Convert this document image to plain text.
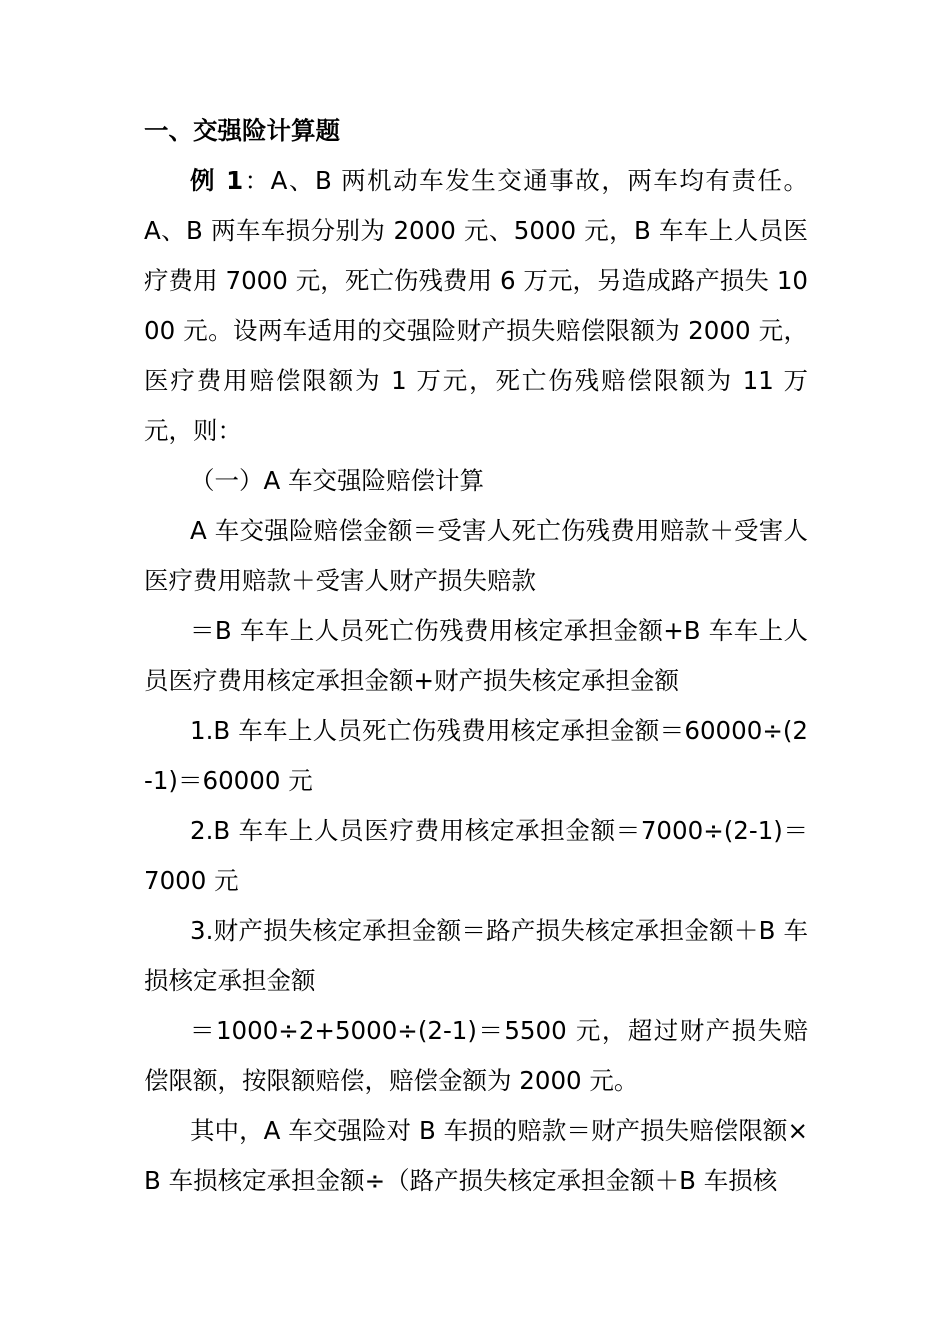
一、交强险计算题

例 1：A、B 两机动车发生交通事故，两车均有责任。A、B 两车车损分别为 2000 元、5000 元，B 车车上人员医疗费用 7000 元，死亡伤残费用 6 万元，另造成路产损失 1000 元。设两车适用的交强险财产损失赔偿限额为 2000 元，医疗费用赔偿限额为 1 万元，死亡伤残赔偿限额为 11 万元，则：

（一）A 车交强险赔偿计算

A 车交强险赔偿金额＝受害人死亡伤残费用赔款＋受害人医疗费用赔款＋受害人财产损失赔款

＝B 车车上人员死亡伤残费用核定承担金额+B 车车上人员医疗费用核定承担金额+财产损失核定承担金额

1.B 车车上人员死亡伤残费用核定承担金额＝60000÷(2-1)＝60000 元

2.B 车车上人员医疗费用核定承担金额＝7000÷(2-1)＝7000 元

3.财产损失核定承担金额＝路产损失核定承担金额＋B 车损核定承担金额

＝1000÷2+5000÷(2-1)＝5500 元，超过财产损失赔偿限额，按限额赔偿，赔偿金额为 2000 元。

其中，A 车交强险对 B 车损的赔款＝财产损失赔偿限额×B 车损核定承担金额÷（路产损失核定承担金额＋B 车损核
